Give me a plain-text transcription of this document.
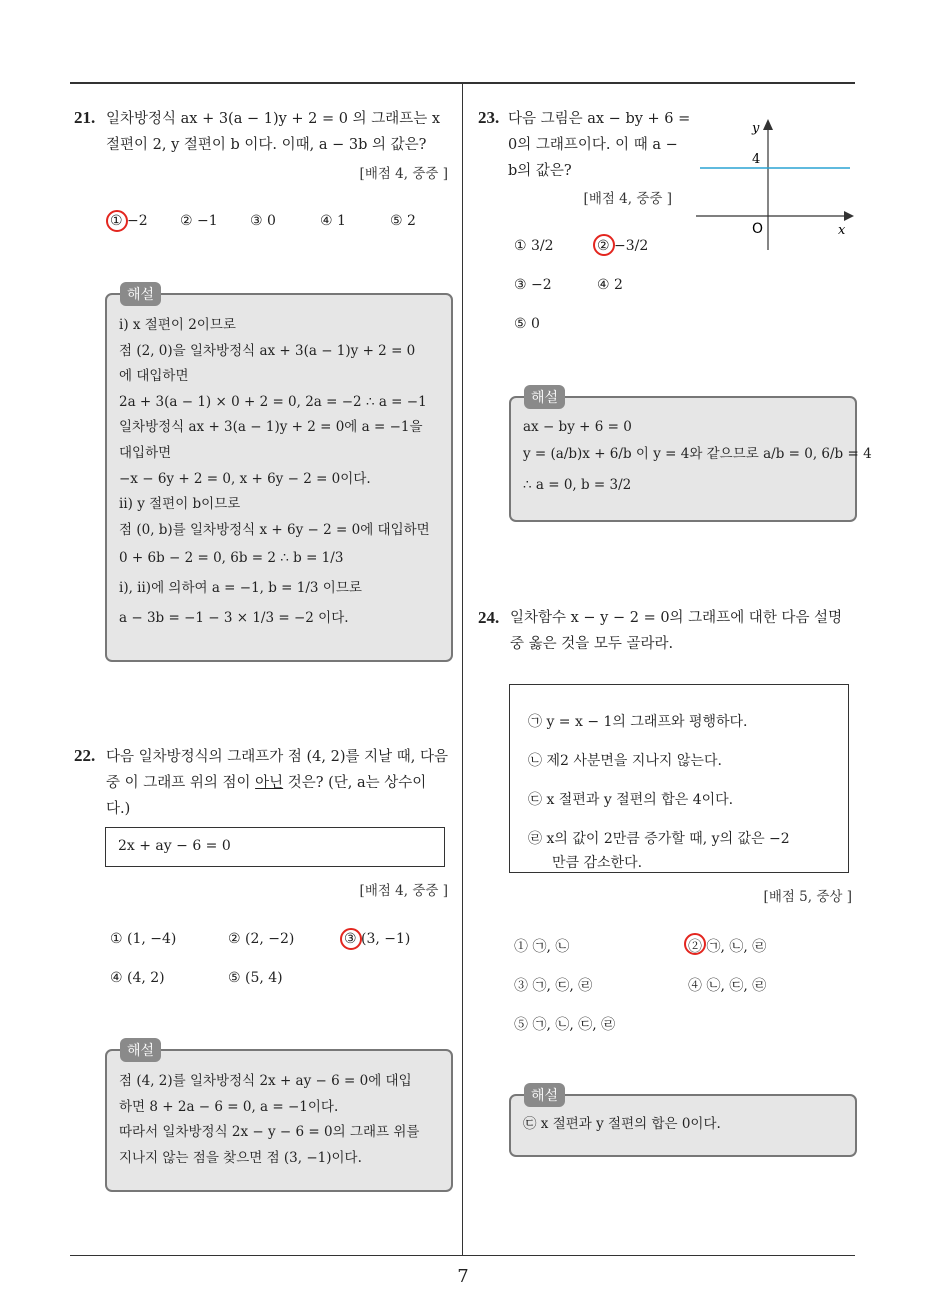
21. 일차방정식 ax + 3(a − 1)y + 2 = 0 의 그래프는 x
절편이 2, y 절편이 b 이다. 이때, a − 3b 의 값은?
[배점 4, 중중 ]
① −2 ② −1 ③ 0	④ 1	⑤ 2
ⅰ) x 절편이 2이므로
점 (2, 0)을 일차방정식 ax + 3(a − 1)y + 2 = 0
에 대입하면
2a + 3(a − 1) × 0 + 2 = 0, 2a = −2 ∴ a = −1
일차방정식 ax + 3(a − 1)y + 2 = 0에 a = −1을
대입하면
−x − 6y + 2 = 0, x + 6y − 2 = 0이다.
ⅱ) y 절편이 b이므로
점 (0, b)를 일차방정식 x + 6y − 2 = 0에 대입하면
0 + 6b − 2 = 0, 6b = 2 ∴ b = 1/3
ⅰ), ⅱ)에 의하여 a = −1, b = 1/3 이므로
a − 3b = −1 − 3 × 1/3 = −2 이다.
해설
22. 다음 일차방정식의 그래프가 점 (4, 2)를 지날 때, 다음
중 이 그래프 위의 점이 아닌 것은? (단, a는 상수이
다.)
2x + ay − 6 = 0
[배점 4, 중중 ]
① (1, −4)	② (2, −2)	③ (3, −1)
④ (4, 2)	⑤ (5, 4)
점 (4, 2)를 일차방정식 2x + ay − 6 = 0에 대입
하면 8 + 2a − 6 = 0, a = −1이다.
따라서 일차방정식 2x − y − 6 = 0의 그래프 위를
지나지 않는 점을 찾으면 점 (3, −1)이다.
해설
23. 다음 그림은 ax − by + 6 =
0의 그래프이다. 이 때 a −
b의 값은?
[배점 4, 중중 ]
y
x
O
4
① 3/2	② −3/2
③ −2	④ 2
⑤ 0
ax − by + 6 = 0
y = (a/b)x + 6/b 이 y = 4와 같으므로 a/b = 0, 6/b = 4
∴ a = 0, b = 3/2
해설
24. 일차함수 x − y − 2 = 0의 그래프에 대한 다음 설명
중 옳은 것을 모두 골라라.
㉠ y = x − 1의 그래프와 평행하다.
㉡ 제2 사분면을 지나지 않는다.
㉢ x 절편과 y 절편의 합은 4이다.
㉣ x의 값이 2만큼 증가할 때, y의 값은 −2
만큼 감소한다.
[배점 5, 중상 ]
① ㉠, ㉡	② ㉠, ㉡, ㉣
③ ㉠, ㉢, ㉣	④ ㉡, ㉢, ㉣
⑤ ㉠, ㉡, ㉢, ㉣
㉢ x 절편과 y 절편의 합은 0이다.
해설
7
